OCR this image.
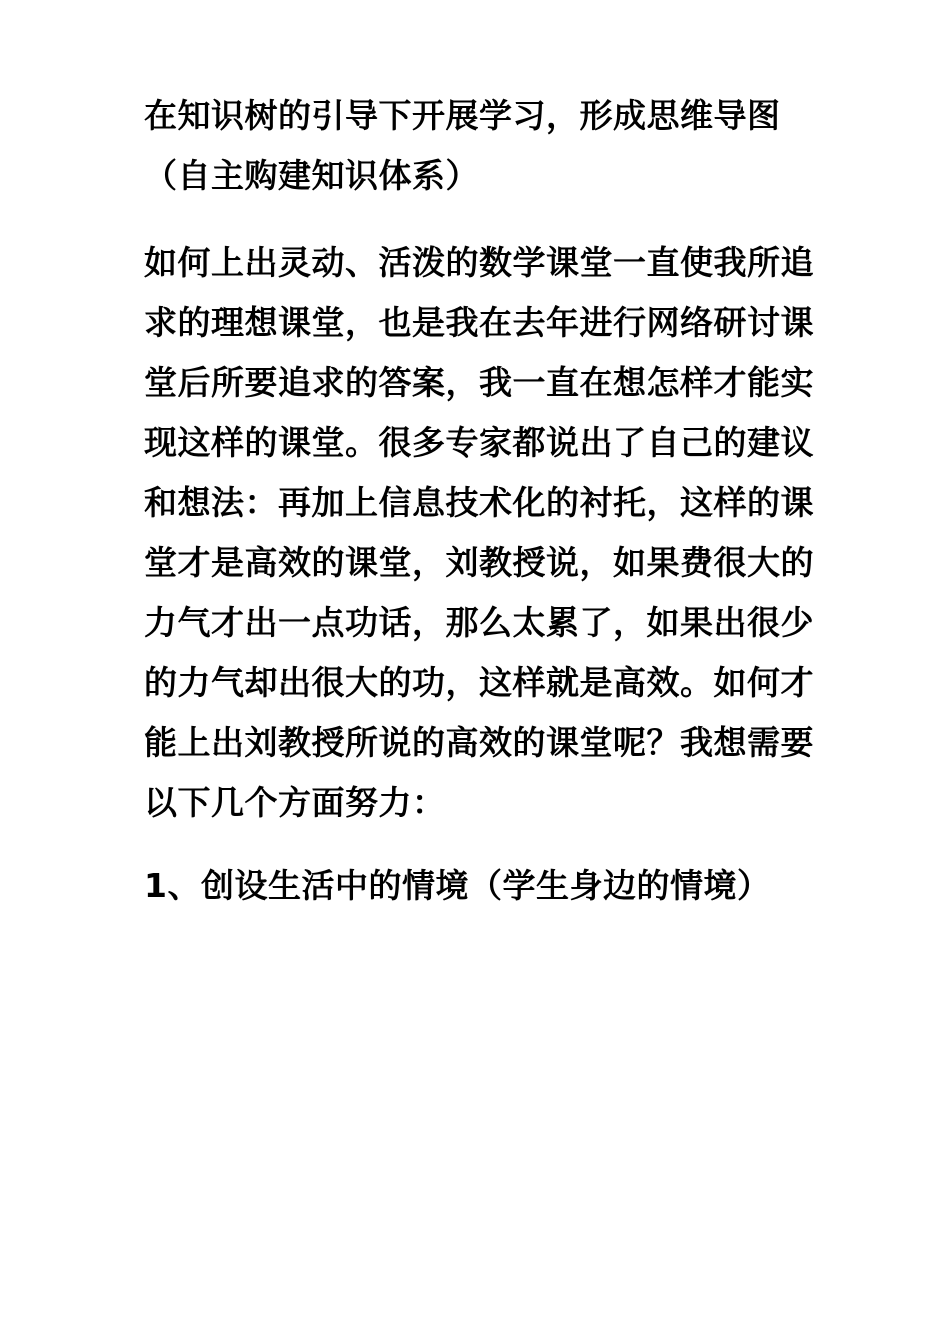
在知识树的引导下开展学习，形成思维导图（自主购建知识体系）
如何上出灵动、活泼的数学课堂一直使我所追求的理想课堂，也是我在去年进行网络研讨课堂后所要追求的答案，我一直在想怎样才能实现这样的课堂。很多专家都说出了自己的建议和想法：再加上信息技术化的衬托，这样的课堂才是高效的课堂，刘教授说，如果费很大的力气才出一点功话，那么太累了，如果出很少的力气却出很大的功，这样就是高效。如何才能上出刘教授所说的高效的课堂呢？我想需要以下几个方面努力：
1、创设生活中的情境（学生身边的情境）
